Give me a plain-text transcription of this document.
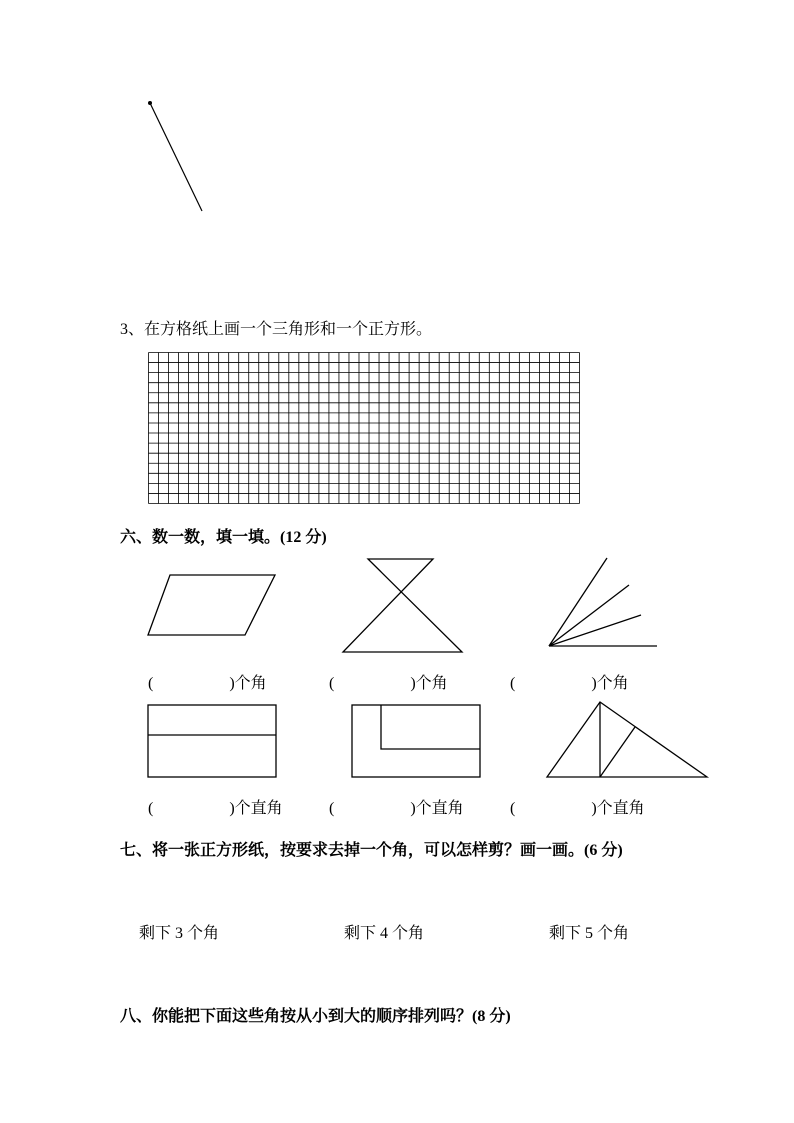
3、在方格纸上画一个三角形和一个正方形。
六、数一数，填一填。(12 分)
(	)个角	(	)个角	(	)个角
(	)个直角	(	)个直角	(	)个直角
七、将一张正方形纸，按要求去掉一个角，可以怎样剪？画一画。(6 分)
剩下 3 个角	剩下 4 个角	剩下 5 个角
八、你能把下面这些角按从小到大的顺序排列吗？(8 分)
